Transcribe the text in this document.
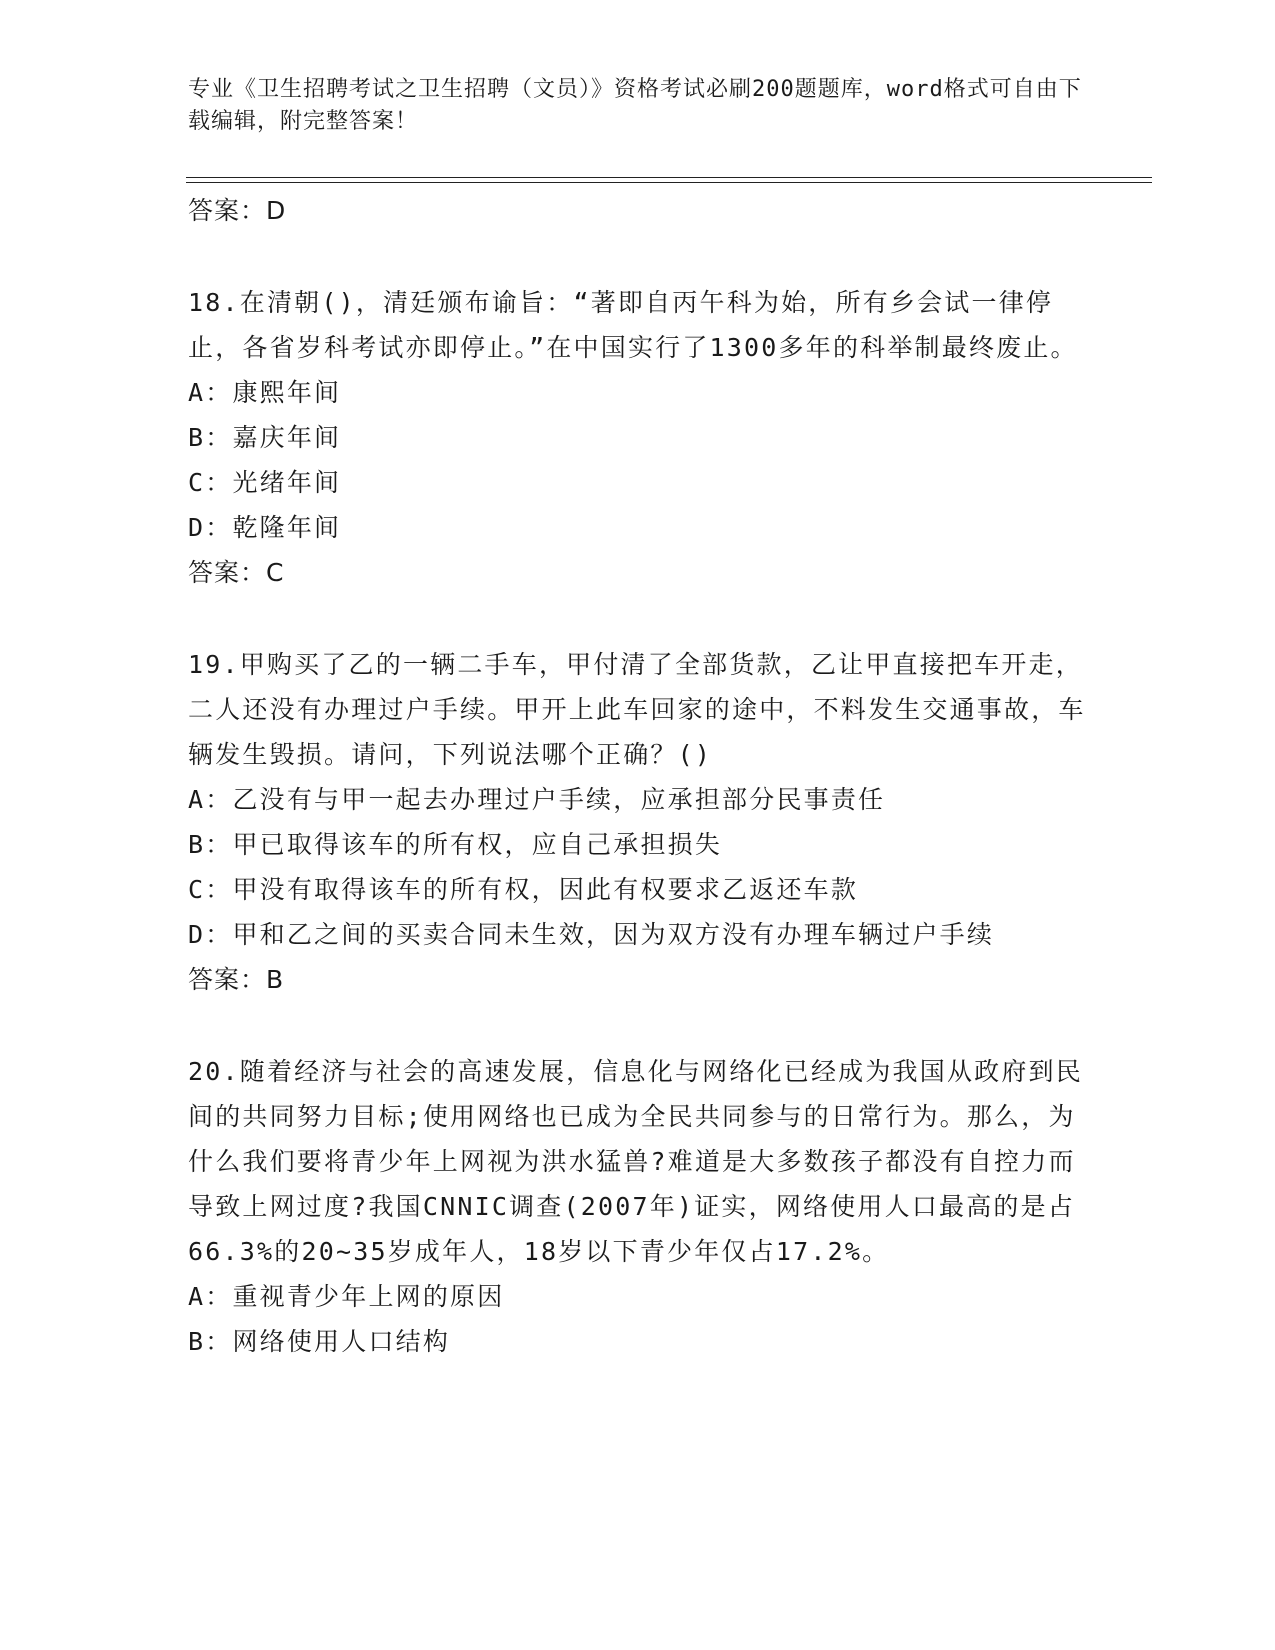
专业《卫生招聘考试之卫生招聘（文员）》资格考试必刷200题题库，word格式可自由下载编辑，附完整答案！

答案：D

18.在清朝()，清廷颁布谕旨：“著即自丙午科为始，所有乡会试一律停止，各省岁科考试亦即停止。”在中国实行了1300多年的科举制最终废止。

A：康熙年间

B：嘉庆年间

C：光绪年间

D：乾隆年间

答案：C

19.甲购买了乙的一辆二手车，甲付清了全部货款，乙让甲直接把车开走，二人还没有办理过户手续。甲开上此车回家的途中，不料发生交通事故，车辆发生毁损。请问，下列说法哪个正确？()

A：乙没有与甲一起去办理过户手续，应承担部分民事责任

B：甲已取得该车的所有权，应自己承担损失

C：甲没有取得该车的所有权，因此有权要求乙返还车款

D：甲和乙之间的买卖合同未生效，因为双方没有办理车辆过户手续

答案：B

20.随着经济与社会的高速发展，信息化与网络化已经成为我国从政府到民间的共同努力目标;使用网络也已成为全民共同参与的日常行为。那么，为什么我们要将青少年上网视为洪水猛兽?难道是大多数孩子都没有自控力而导致上网过度?我国CNNIC调查(2007年)证实，网络使用人口最高的是占66.3%的20~35岁成年人，18岁以下青少年仅占17.2%。

A：重视青少年上网的原因

B：网络使用人口结构
